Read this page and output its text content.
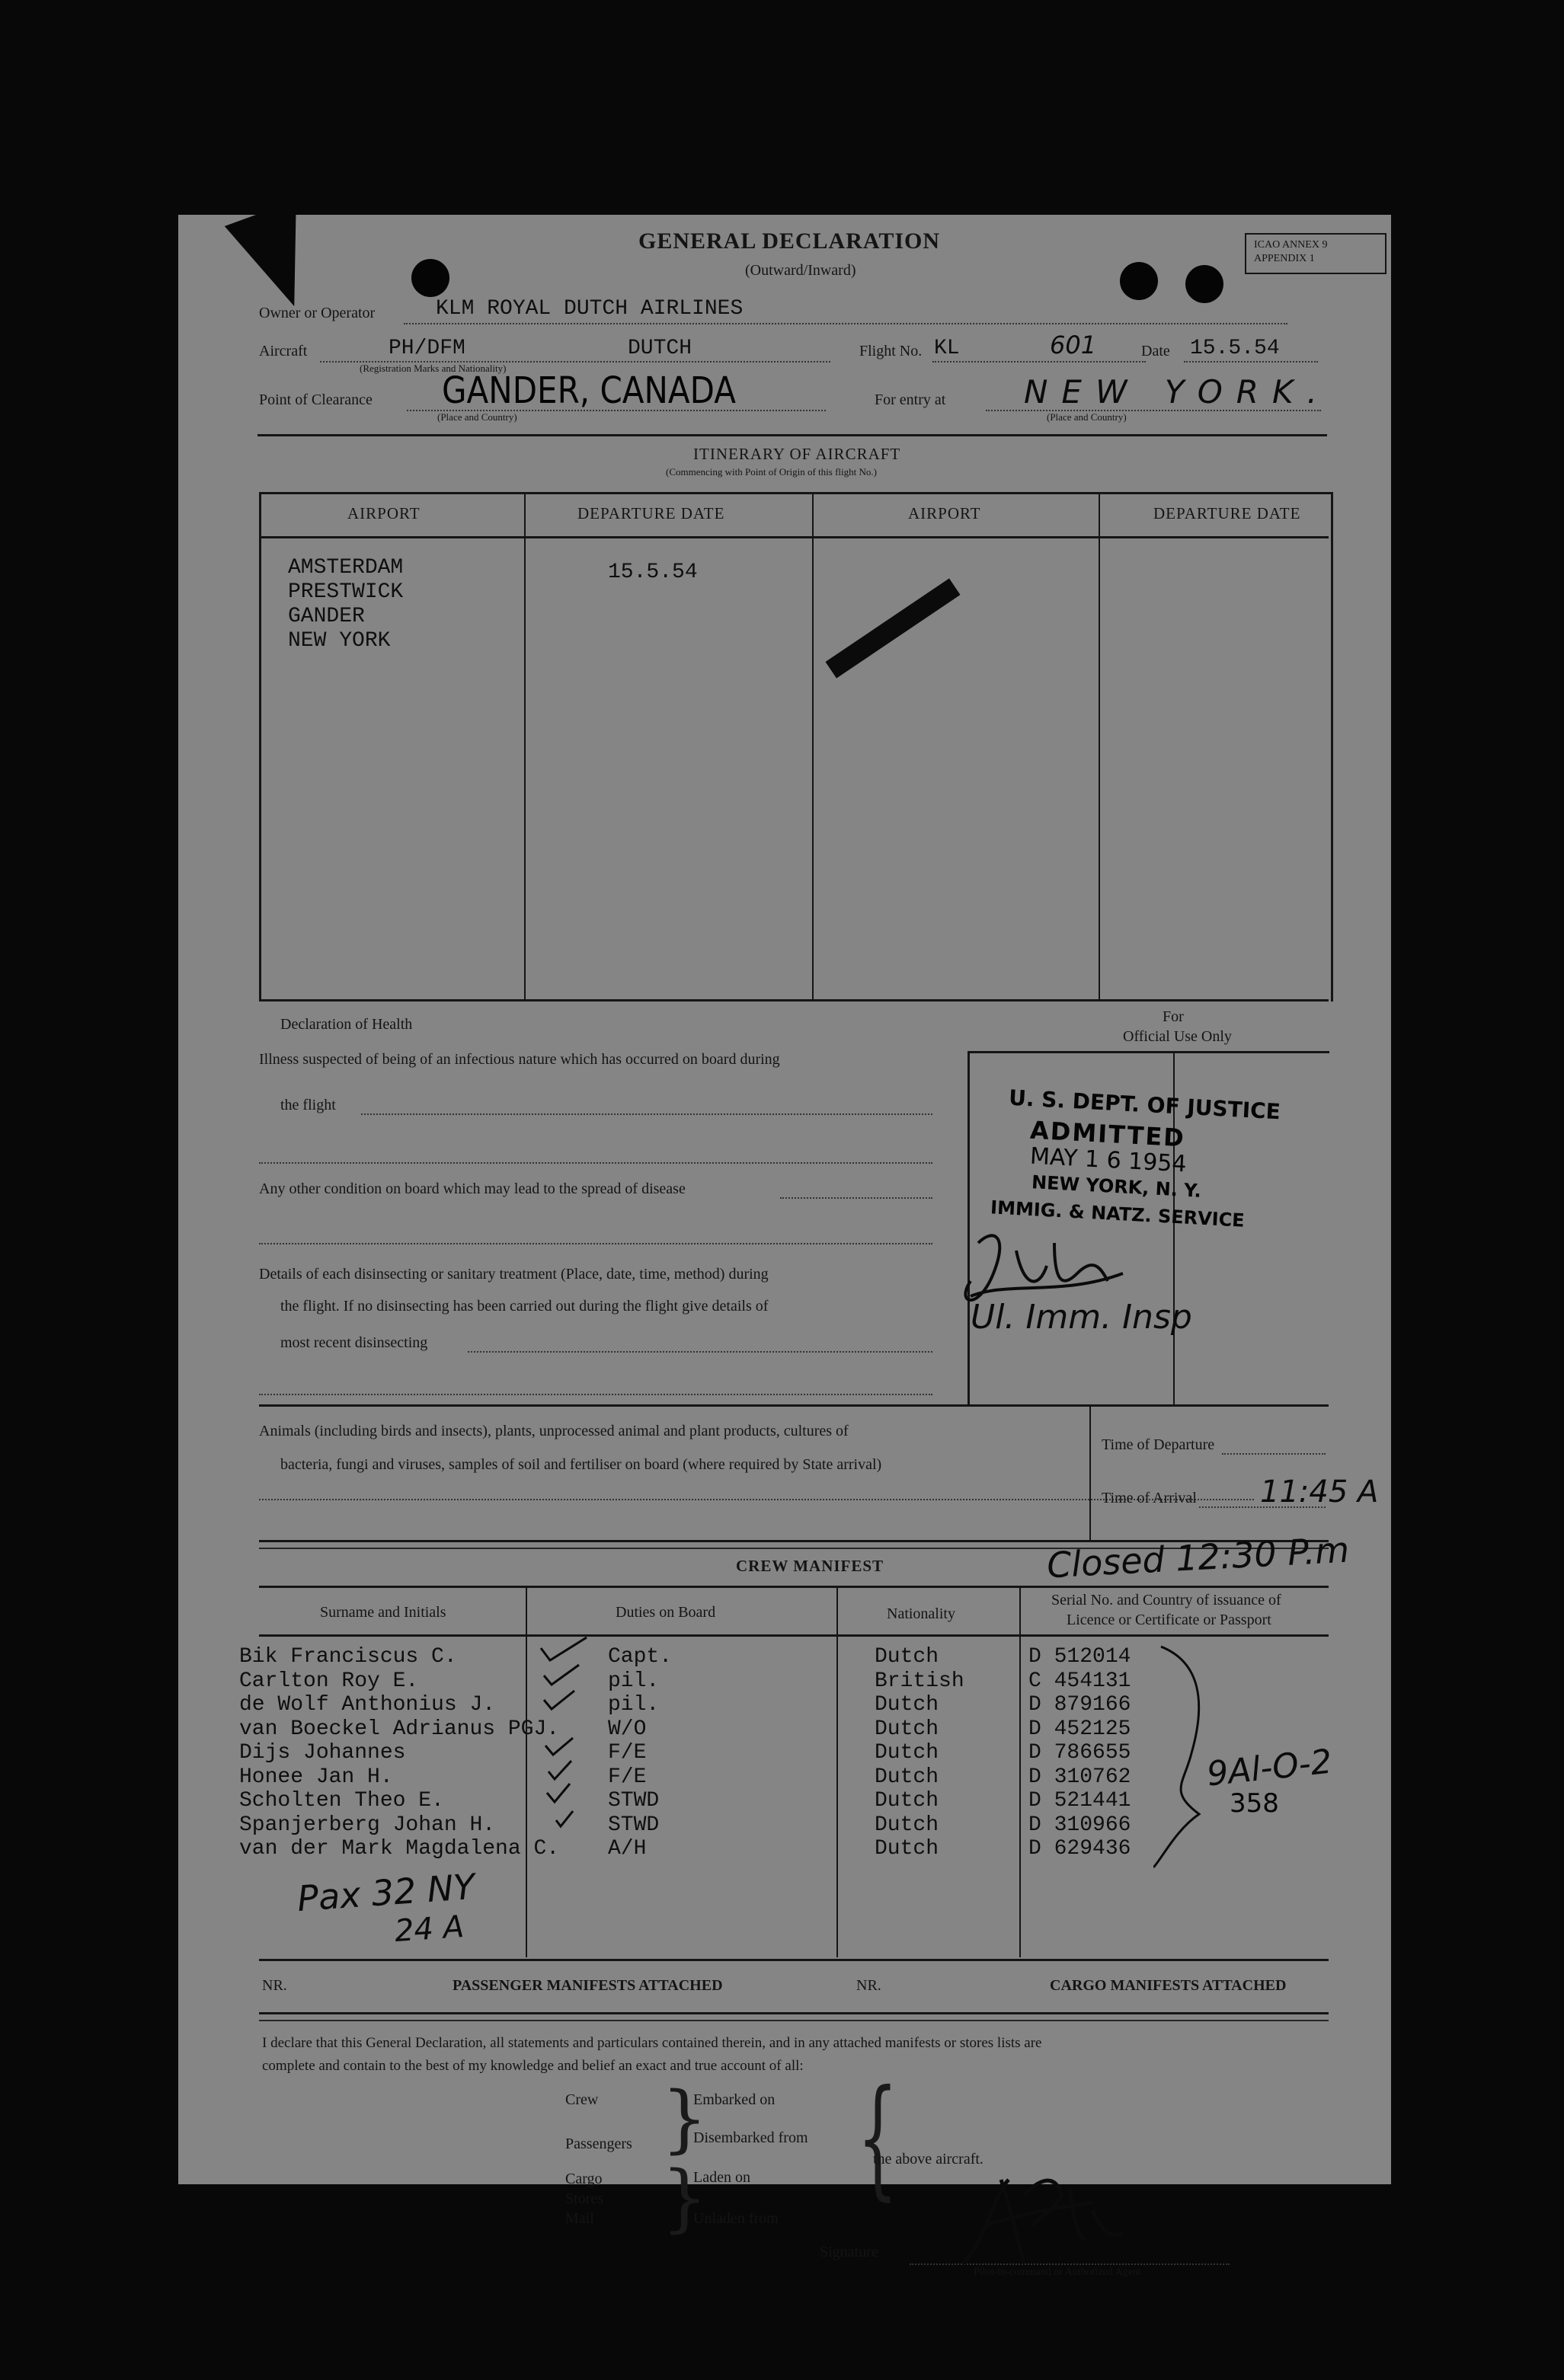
GENERAL DECLARATION
(Outward/Inward)
ICAO ANNEX 9
APPENDIX 1
Owner or Operator	KLM ROYAL DUTCH AIRLINES
Aircraft	PH/DFM	DUTCH
(Registration Marks and Nationality)
Flight No. KL	601	Date 15.5.54
Point of Clearance GANDER, CANADA
(Place and Country)
For entry at NEW YORK.
(Place and Country)
ITINERARY OF AIRCRAFT
(Commencing with Point of Origin of this flight No.)
AIRPORT	DEPARTURE DATE	AIRPORT	DEPARTURE DATE
AMSTERDAM
PRESTWICK
GANDER
NEW YORK
15.5.54
Declaration of Health
Illness suspected of being of an infectious nature which has occurred on board during
the flight
Any other condition on board which may lead to the spread of disease
Details of each disinsecting or sanitary treatment (Place, date, time, method) during
the flight. If no disinsecting has been carried out during the flight give details of
most recent disinsecting
For
Official Use Only
U. S. DEPT. OF JUSTICE
ADMITTED
MAY 1 6 1954
NEW YORK, N. Y.
IMMIG. & NATZ. SERVICE
Ul. Imm. Insp
Animals (including birds and insects), plants, unprocessed animal and plant products, cultures of
bacteria, fungi and viruses, samples of soil and fertiliser on board (where required by State arrival)
Time of Departure
Time of Arrival 11:45 A
CREW MANIFEST	Closed 12:30 P.m
Surname and Initials	Duties on Board	Nationality
Serial No. and Country of issuance of
Licence or Certificate or Passport
Bik Franciscus C.	Capt.	Dutch	D 512014
Carlton Roy E.	pil.	British	C 454131
de Wolf Anthonius J.	pil.	Dutch	D 879166
van Boeckel Adrianus PGJ. W/O	Dutch	D 452125
Dijs Johannes	F/E	Dutch	D 786655
Honee Jan H.	F/E	Dutch	D 310762
Scholten Theo E.	STWD	Dutch	D 521441
Spanjerberg Johan H.	STWD	Dutch	D 310966
van der Mark Magdalena C. A/H	Dutch	D 629436
9Al-O-2
358
Pax 32 NY
24 A
NR.	PASSENGER MANIFESTS ATTACHED	NR.	CARGO MANIFESTS ATTACHED
I declare that this General Declaration, all statements and particulars contained therein, and in any attached manifests or stores lists are
complete and contain to the best of my knowledge and belief an exact and true account of all:
Crew
Passengers
Cargo
Stores
Mail
}
}
Embarked on
Disembarked from
Laden on
Unladen from
{
the above aircraft.
Signature
Pilot-in-command or Authorized Agent
